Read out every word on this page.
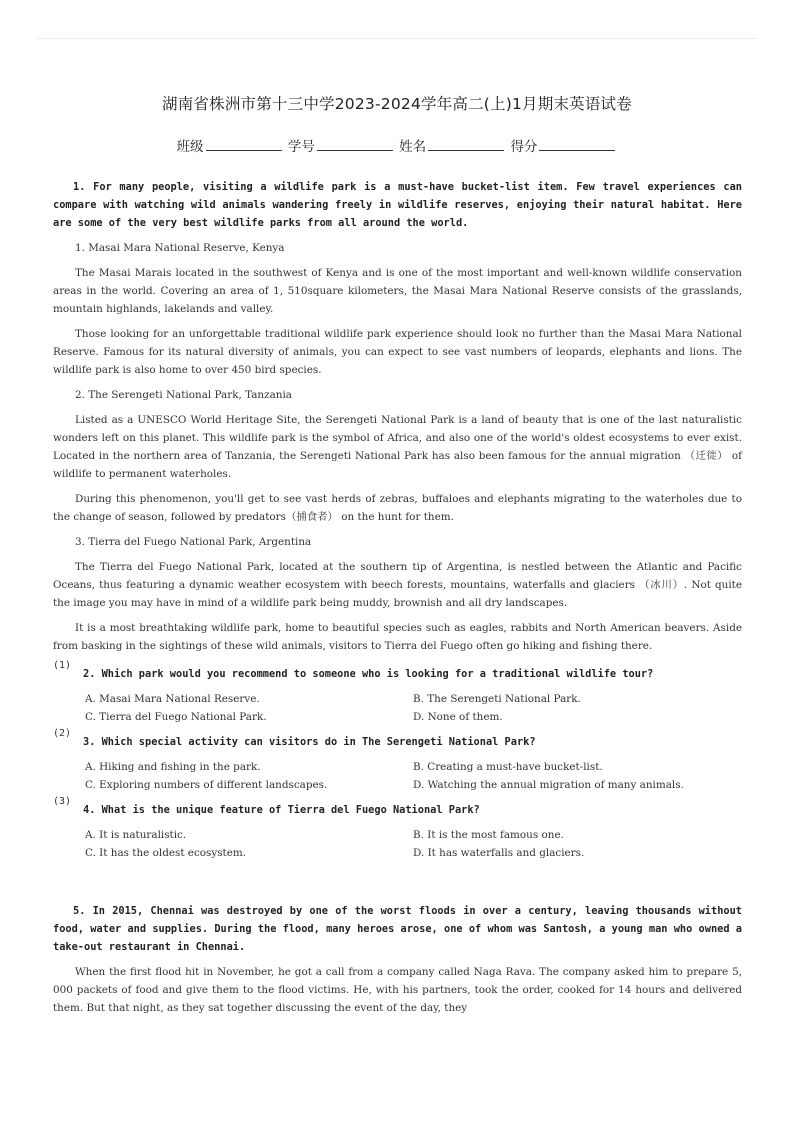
湖南省株洲市第十三中学2023-2024学年高二(上)1月期末英语试卷
班级	学号	姓名	得分

1. For many people, visiting a wildlife park is a must-have bucket-list item. Few travel experiences can compare with watching wild animals wandering freely in wildlife reserves, enjoying their natural habitat. Here are some of the very best wildlife parks from all around the world.

1. Masai Mara National Reserve, Kenya

The Masai Marais located in the southwest of Kenya and is one of the most important and well-known wildlife conservation areas in the world. Covering an area of 1, 510square kilometers, the Masai Mara National Reserve consists of the grasslands, mountain highlands, lakelands and valley.

Those looking for an unforgettable traditional wildlife park experience should look no further than the Masai Mara National Reserve. Famous for its natural diversity of animals, you can expect to see vast numbers of leopards, elephants and lions. The wildlife park is also home to over 450 bird species.

2. The Serengeti National Park, Tanzania

Listed as a UNESCO World Heritage Site, the Serengeti National Park is a land of beauty that is one of the last naturalistic wonders left on this planet. This wildlife park is the symbol of Africa, and also one of the world's oldest ecosystems to ever exist. Located in the northern area of Tanzania, the Serengeti National Park has also been famous for the annual migration （迁徙） of wildlife to permanent waterholes.

During this phenomenon, you'll get to see vast herds of zebras, buffaloes and elephants migrating to the waterholes due to the change of season, followed by predators（捕食者） on the hunt for them.

3. Tierra del Fuego National Park, Argentina

The Tierra del Fuego National Park, located at the southern tip of Argentina, is nestled between the Atlantic and Pacific Oceans, thus featuring a dynamic weather ecosystem with beech forests, mountains, waterfalls and glaciers （冰川）. Not quite the image you may have in mind of a wildlife park being muddy, brownish and all dry landscapes.

It is a most breathtaking wildlife park, home to beautiful species such as eagles, rabbits and North American beavers. Aside from basking in the sightings of these wild animals, visitors to Tierra del Fuego often go hiking and fishing there.

(1)
2. Which park would you recommend to someone who is looking for a traditional wildlife tour?
A. Masai Mara National Reserve.	B. The Serengeti National Park.
C. Tierra del Fuego National Park.	D. None of them.
(2)
3. Which special activity can visitors do in The Serengeti National Park?
A. Hiking and fishing in the park.	B. Creating a must-have bucket-list.
C. Exploring numbers of different landscapes.	D. Watching the annual migration of many animals.
(3)
4. What is the unique feature of Tierra del Fuego National Park?
A. It is naturalistic.	B. It is the most famous one.
C. It has the oldest ecosystem.	D. It has waterfalls and glaciers.

5. In 2015, Chennai was destroyed by one of the worst floods in over a century, leaving thousands without food, water and supplies. During the flood, many heroes arose, one of whom was Santosh, a young man who owned a take-out restaurant in Chennai.

When the first flood hit in November, he got a call from a company called Naga Rava. The company asked him to prepare 5, 000 packets of food and give them to the flood victims. He, with his partners, took the order, cooked for 14 hours and delivered them. But that night, as they sat together discussing the event of the day, they
